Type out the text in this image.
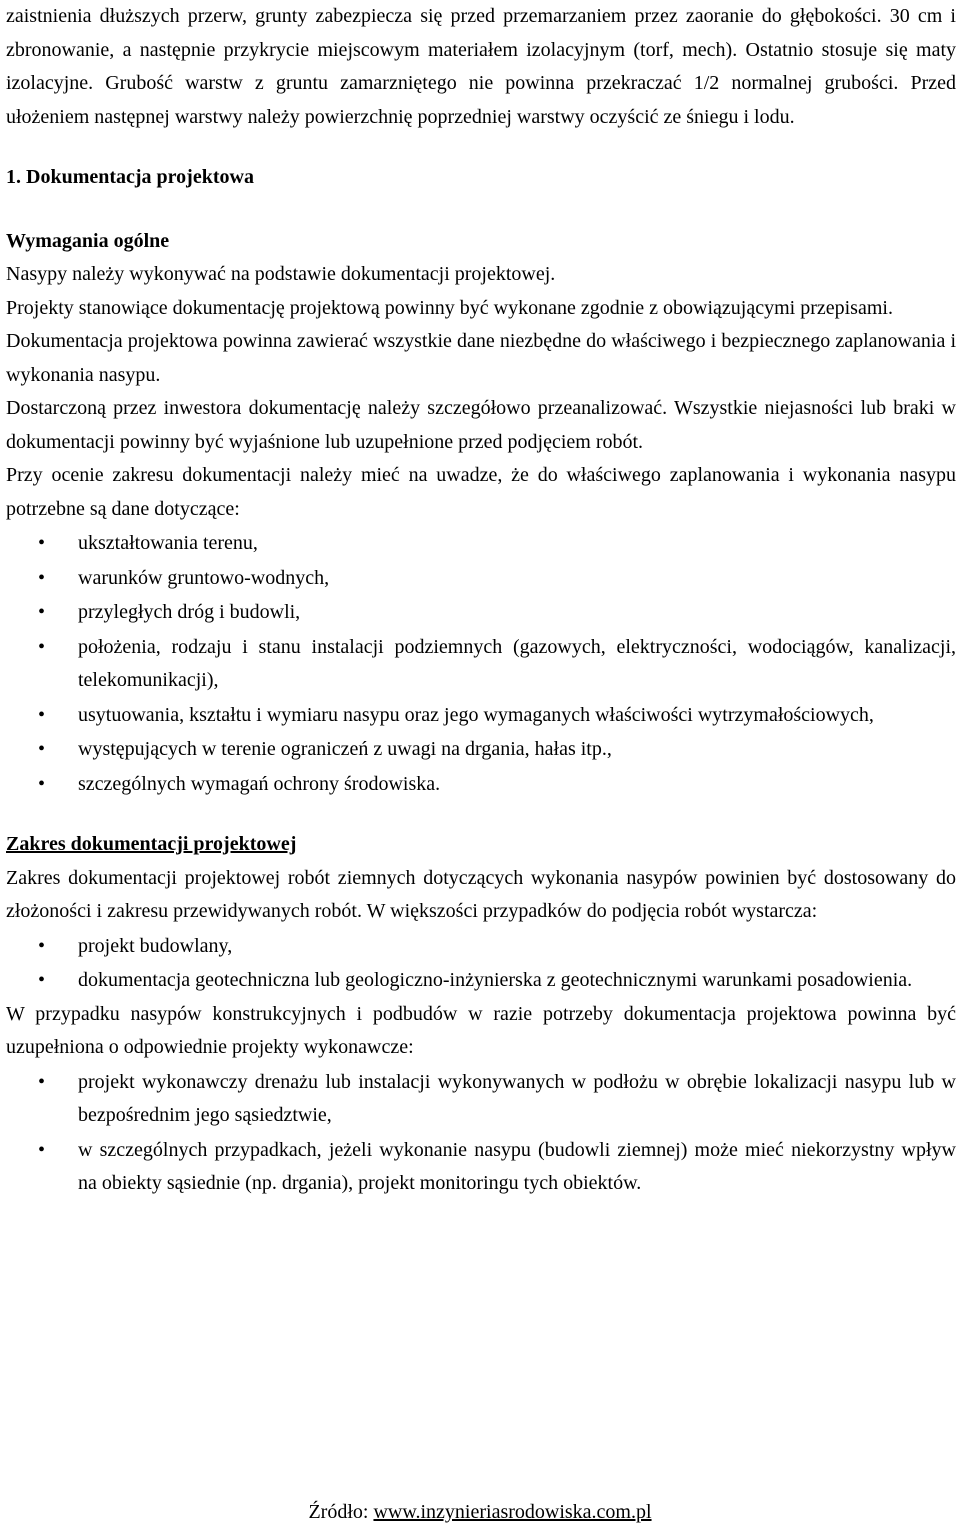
zaistnienia dłuższych przerw, grunty zabezpiecza się przed przemarzaniem przez zaoranie do głębokości. 30 cm i zbronowanie, a następnie przykrycie miejscowym materiałem izolacyjnym (torf, mech). Ostatnio stosuje się maty izolacyjne. Grubość warstw z gruntu zamarzniętego nie powinna przekraczać 1/2 normalnej grubości. Przed ułożeniem następnej warstwy należy powierzchnię poprzedniej warstwy oczyścić ze śniegu i lodu.

1. Dokumentacja projektowa

Wymagania ogólne

Nasypy należy wykonywać na podstawie dokumentacji projektowej.

Projekty stanowiące dokumentację projektową powinny być wykonane zgodnie z obowiązującymi przepisami.

Dokumentacja projektowa powinna zawierać wszystkie dane niezbędne do właściwego i bezpiecznego zaplanowania i wykonania nasypu.

Dostarczoną przez inwestora dokumentację należy szczegółowo przeanalizować. Wszystkie niejasności lub braki w dokumentacji powinny być wyjaśnione lub uzupełnione przed podjęciem robót.

Przy ocenie zakresu dokumentacji należy mieć na uwadze, że do właściwego zaplanowania i wykonania nasypu potrzebne są dane dotyczące:

• ukształtowania terenu,
• warunków gruntowo-wodnych,
• przyległych dróg i budowli,
• położenia, rodzaju i stanu instalacji podziemnych (gazowych, elektryczności, wodociągów, kanalizacji, telekomunikacji),
• usytuowania, kształtu i wymiaru nasypu oraz jego wymaganych właściwości wytrzymałościowych,
• występujących w terenie ograniczeń z uwagi na drgania, hałas itp.,
• szczególnych wymagań ochrony środowiska.

Zakres dokumentacji projektowej

Zakres dokumentacji projektowej robót ziemnych dotyczących wykonania nasypów powinien być dostosowany do złożoności i zakresu przewidywanych robót. W większości przypadków do podjęcia robót wystarcza:

• projekt budowlany,
• dokumentacja geotechniczna lub geologiczno-inżynierska z geotechnicznymi warunkami posadowienia.

W przypadku nasypów konstrukcyjnych i podbudów w razie potrzeby dokumentacja projektowa powinna być uzupełniona o odpowiednie projekty wykonawcze:

• projekt wykonawczy drenażu lub instalacji wykonywanych w podłożu w obrębie lokalizacji nasypu lub w bezpośrednim jego sąsiedztwie,
• w szczególnych przypadkach, jeżeli wykonanie nasypu (budowli ziemnej) może mieć niekorzystny wpływ na obiekty sąsiednie (np. drgania), projekt monitoringu tych obiektów.
Źródło: www.inzynieriasrodowiska.com.pl
